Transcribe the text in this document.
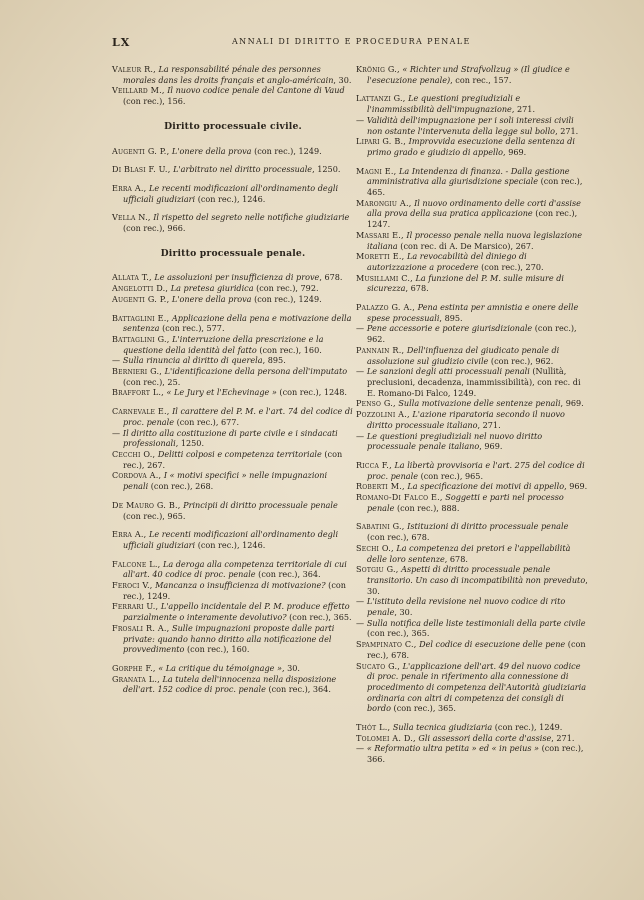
LX	ANNALI DI DIRITTO E PROCEDURA PENALE
Valeur R., La responsabilité pénale des personnes morales dans les droits français et anglo-américain, 30.
Veillard M., Il nuovo codice penale del Cantone di Vaud (con rec.), 156.
Diritto processuale civile.
Augenti G. P., L'onere della prova (con rec.), 1249.
Di Blasi F. U., L'arbitrato nel diritto processuale, 1250.
Erra A., Le recenti modificazioni all'ordinamento degli ufficiali giudiziari (con rec.), 1246.
Vella N., Il rispetto del segreto nelle notifiche giudiziarie (con rec.), 966.
Diritto processuale penale.
Allata T., Le assoluzioni per insufficienza di prove, 678.
Angelotti D., La pretesa giuridica (con rec.), 792.
Augenti G. P., L'onere della prova (con rec.), 1249.
Battaglini E., Applicazione della pena e motivazione della sentenza (con rec.), 577.
Battaglini G., L'interruzione della prescrizione e la questione della identità del fatto (con rec.), 160.
— Sulla rinuncia al diritto di querela, 895.
Bernieri G., L'identificazione della persona dell'imputato (con rec.), 25.
Braffort L., « Le Jury et l'Echevinage » (con rec.), 1248.
Carnevale E., Il carattere del P. M. e l'art. 74 del codice di proc. penale (con rec.), 677.
— Il diritto alla costituzione di parte civile e i sindacati professionali, 1250.
Cecchi O., Delitti colposi e competenza territoriale (con rec.), 267.
Cordova A., I « motivi specifici » nelle impugnazioni penali (con rec.), 268.
De Mauro G. B., Principii di diritto processuale penale (con rec.), 965.
Erra A., Le recenti modificazioni all'ordinamento degli ufficiali giudiziari (con rec.), 1246.
Falcone L., La deroga alla competenza territoriale di cui all'art. 40 codice di proc. penale (con rec.), 364.
Feroci V., Mancanza o insufficienza di motivazione? (con rec.), 1249.
Ferrari U., L'appello incidentale del P. M. produce effetto parzialmente o interamente devolutivo? (con rec.), 365.
Frosali R. A., Sulle impugnazioni proposte dalle parti private: quando hanno diritto alla notificazione del provvedimento (con rec.), 160.
Gorphe F., « La critique du témoignage », 30.
Granata L., La tutela dell'innocenza nella disposizione dell'art. 152 codice di proc. penale (con rec.), 364.
Krönig G., « Richter und Strafvollzug » (Il giudice e l'esecuzione penale), con rec., 157.
Lattanzi G., Le questioni pregiudiziali e l'inammissibilità dell'impugnazione, 271.
— Validità dell'impugnazione per i soli interessi civili non ostante l'intervenuta della legge sul bollo, 271.
Lipari G. B., Improvvida esecuzione della sentenza di primo grado e giudizio di appello, 969.
Magni E., La Intendenza di finanza. - Dalla gestione amministrativa alla giurisdizione speciale (con rec.), 465.
Marongiu A., Il nuovo ordinamento delle corti d'assise alla prova della sua pratica applicazione (con rec.), 1247.
Massari E., Il processo penale nella nuova legislazione italiana (con rec. di A. De Marsico), 267.
Moretti E., La revocabilità del diniego di autorizzazione a procedere (con rec.), 270.
Musillami C., La funzione del P. M. sulle misure di sicurezza, 678.
Palazzo G. A., Pena estinta per amnistia e onere delle spese processuali, 895.
— Pene accessorie e potere giurisdizionale (con rec.), 962.
Pannain R., Dell'influenza del giudicato penale di assoluzione sul giudizio civile (con rec.), 962.
— Le sanzioni degli atti processuali penali (Nullità, preclusioni, decadenza, inammissibilità), con rec. di E. Romano-Di Falco, 1249.
Penso G., Sulla motivazione delle sentenze penali, 969.
Pozzolini A., L'azione riparatoria secondo il nuovo diritto processuale italiano, 271.
— Le questioni pregiudiziali nel nuovo diritto processuale penale italiano, 969.
Ricca F., La libertà provvisoria e l'art. 275 del codice di proc. penale (con rec.), 965.
Roberti M., La specificazione dei motivi di appello, 969.
Romano-Di Falco E., Soggetti e parti nel processo penale (con rec.), 888.
Sabatini G., Istituzioni di diritto processuale penale (con rec.), 678.
Sechi O., La competenza dei pretori e l'appellabilità delle loro sentenze, 678.
Sotgiu G., Aspetti di diritto processuale penale transitorio. Un caso di incompatibilità non preveduto, 30.
— L'istituto della revisione nel nuovo codice di rito penale, 30.
— Sulla notifica delle liste testimoniali della parte civile (con rec.), 365.
Spampinato C., Del codice di esecuzione delle pene (con rec.), 678.
Sucato G., L'applicazione dell'art. 49 del nuovo codice di proc. penale in riferimento alla connessione di procedimento di competenza dell'Autorità giudiziaria ordinaria con altri di competenza dei consigli di bordo (con rec.), 365.
Thót L., Sulla tecnica giudiziaria (con rec.), 1249.
Tolomei A. D., Gli assessori della corte d'assise, 271.
— « Reformatio ultra petita » ed « in peius » (con rec.), 366.
